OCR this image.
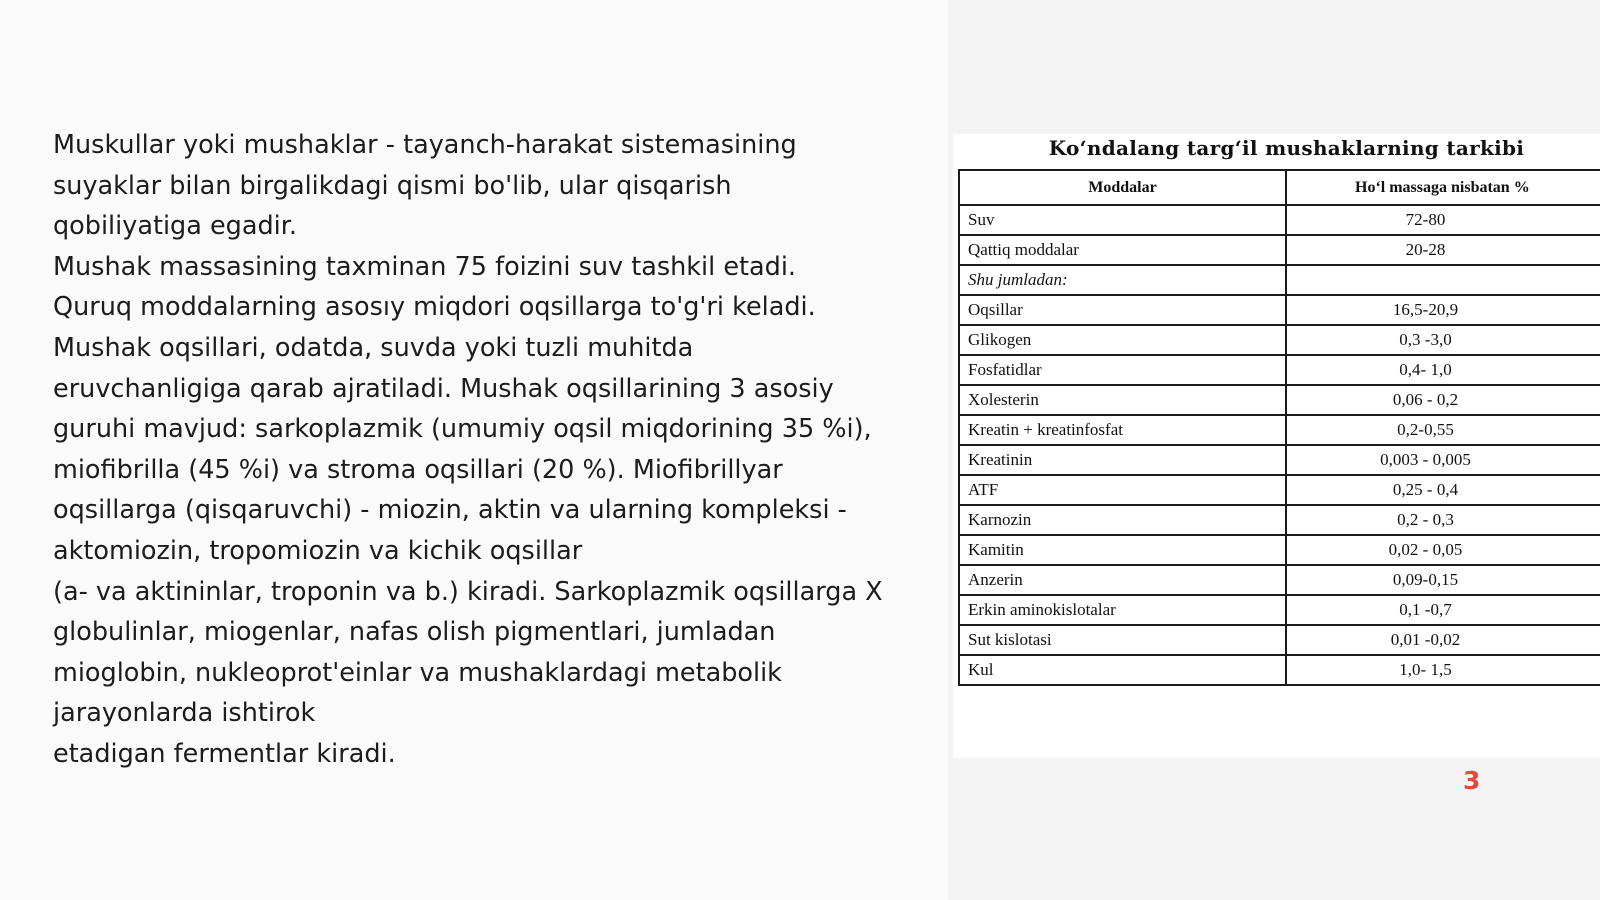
Muskullar yoki mushaklar - tayanch-harakat sistemasining
suyaklar bilan birgalikdagi qismi bo'lib, ular qisqarish
qobiliyatiga egadir.
Mushak massasining taxminan 75 foizini suv tashkil etadi.
Quruq moddalarning asosıy miqdori oqsillarga to'g'ri keladi.
Mushak oqsillari, odatda, suvda yoki tuzli muhitda
eruvchanligiga qarab ajratiladi. Mushak oqsillarining 3 asosiy
guruhi mavjud: sarkoplazmik (umumiy oqsil miqdorining 35 %i),
miofibrilla (45 %i) va stroma oqsillari (20 %). Miofibrillyar
oqsillarga (qisqaruvchi) - miozin, aktin va ularning kompleksi -
aktomiozin, tropomiozin va kichik oqsillar
(a- va aktininlar, troponin va b.) kiradi. Sarkoplazmik oqsillarga X
globulinlar, miogenlar, nafas olish pigmentlari, jumladan
mioglobin, nukleoprot'einlar va mushaklardagi metabolik
jarayonlarda ishtirok
etadigan fermentlar kiradi.

Ko‘ndalang targ‘il mushaklarning tarkibi
Moddalar	Ho‘l massaga nisbatan %
Suv	72-80
Qattiq moddalar	20-28
Shu jumladan:	
Oqsillar	16,5-20,9
Glikogen	0,3 -3,0
Fosfatidlar	0,4- 1,0
Xolesterin	0,06 - 0,2
Kreatin + kreatinfosfat	0,2-0,55
Kreatinin	0,003 - 0,005
ATF	0,25 - 0,4
Karnozin	0,2 - 0,3
Kamitin	0,02 - 0,05
Anzerin	0,09-0,15
Erkin aminokislotalar	0,1 -0,7
Sut kislotasi	0,01 -0,02
Kul	1,0- 1,5
3
